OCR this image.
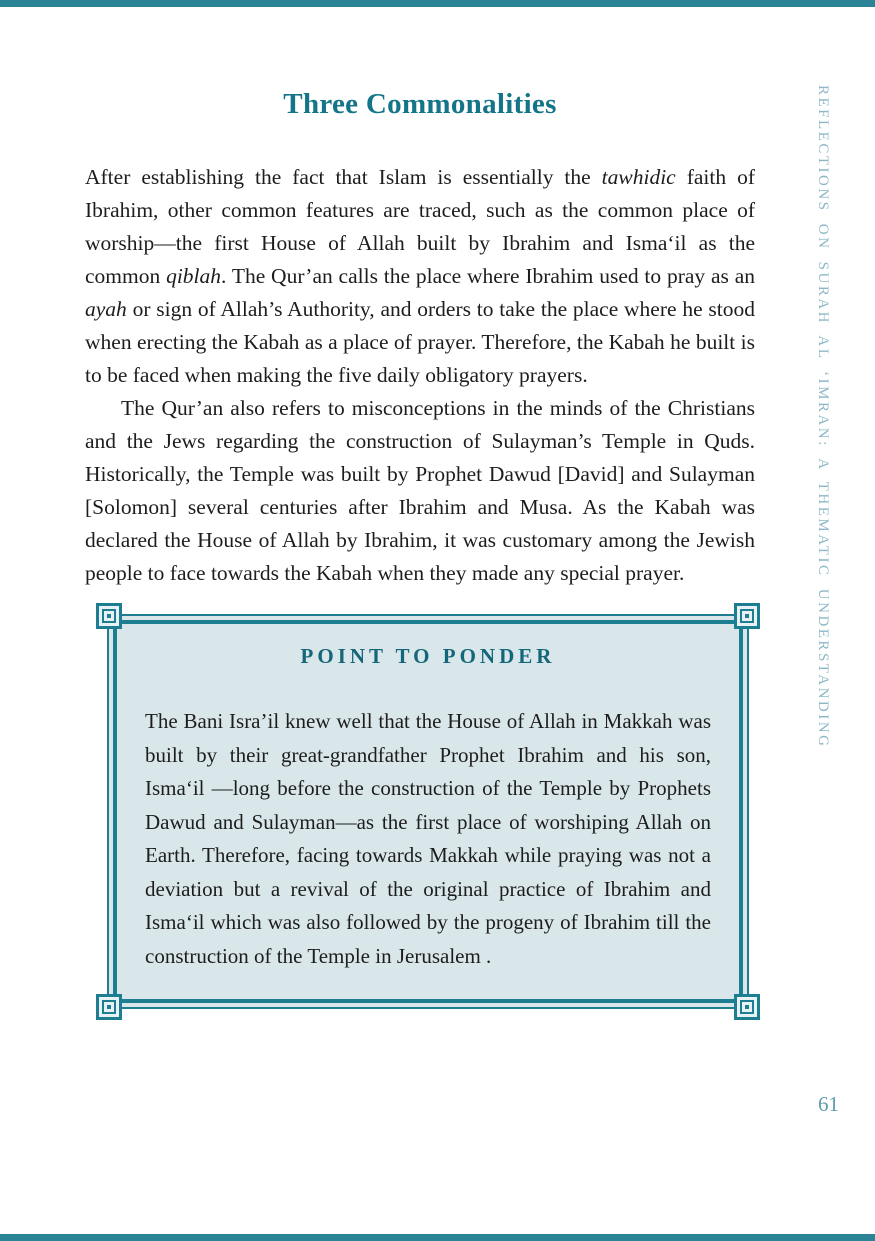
Three Commonalities

After establishing the fact that Islam is essentially the tawhidic faith of Ibrahim, other common features are traced, such as the common place of worship—the first House of Allah built by Ibrahim and Isma‘il as the common qiblah. The Qur’an calls the place where Ibrahim used to pray as an ayah or sign of Allah’s Authority, and orders to take the place where he stood when erecting the Kabah as a place of prayer. Therefore, the Kabah he built is to be faced when making the five daily obligatory prayers.

The Qur’an also refers to misconceptions in the minds of the Christians and the Jews regarding the construction of Sulayman’s Temple in Quds. Historically, the Temple was built by Prophet Dawud [David] and Sulayman [Solomon] several centuries after Ibrahim and Musa. As the Kabah was declared the House of Allah by Ibrahim, it was customary among the Jewish people to face towards the Kabah when they made any special prayer.

POINT TO PONDER

The Bani Isra’il knew well that the House of Allah in Makkah was built by their great-grandfather Prophet Ibrahim and his son, Isma‘il —long before the construction of the Temple by Prophets Dawud and Sulayman—as the first place of worshiping Allah on Earth. Therefore, facing towards Makkah while praying was not a deviation but a revival of the original practice of Ibrahim and Isma‘il which was also followed by the progeny of Ibrahim till the construction of the Temple in Jerusalem .

REFLECTIONS ON SURAH AL ‘IMRAN: A THEMATIC UNDERSTANDING
61
